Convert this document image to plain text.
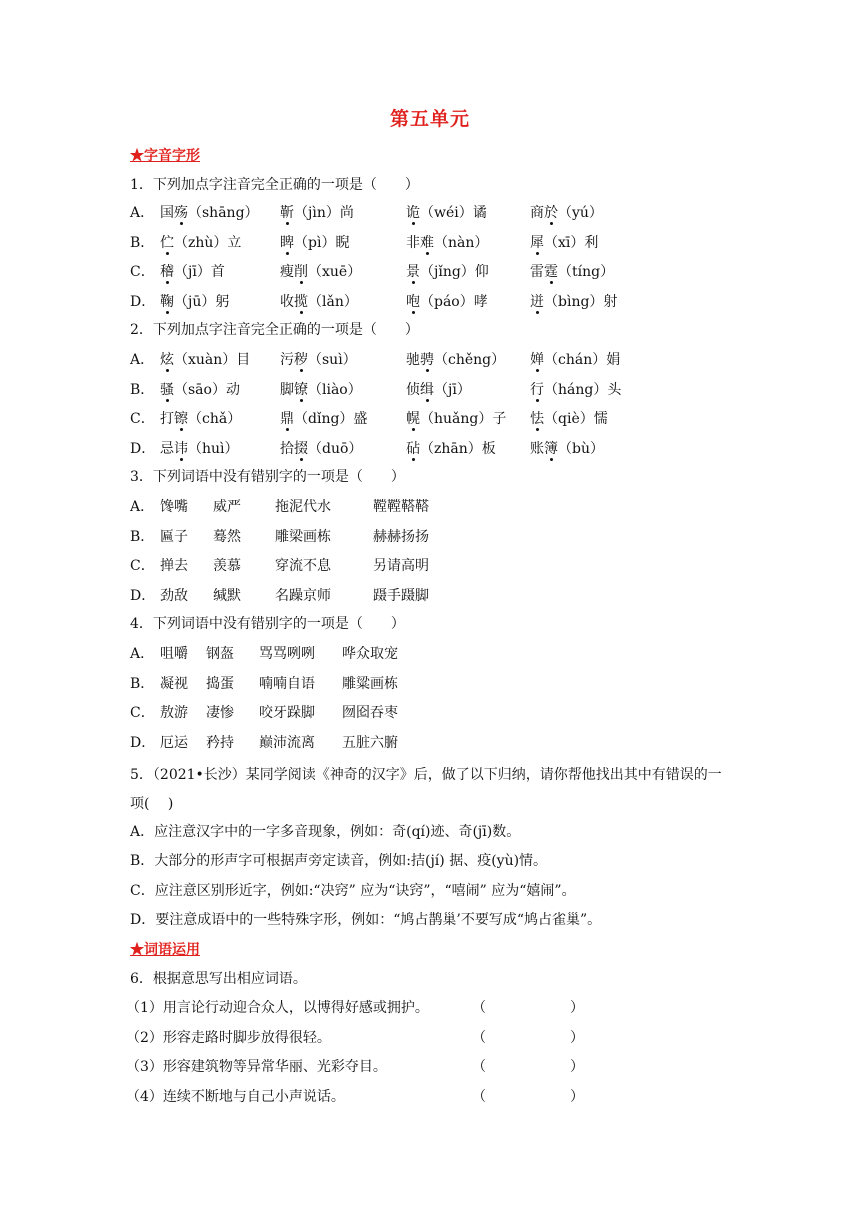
第五单元
★字音字形
1．下列加点字注音完全正确的一项是（　　）
A． 国殇（shāng） 靳（jìn）尚	诡（wéi）谲	商於（yú）
B． 伫（zhù）立	睥（pì）睨	非难（nàn）	犀（xī）利
C． 稽（jī）首	瘦削（xuē）	景（jǐng）仰	雷霆（tíng）
D． 鞠（jū）躬	收揽（lǎn）	咆（páo）哮	迸（bìng）射
2．下列加点字注音完全正确的一项是（　　）
A． 炫（xuàn）目 污秽（suì）	驰骋（chěng） 婵（chán）娟
B． 骚（sāo）动	脚镣（liào）	侦缉（jī）	行（háng）头
C． 打镲（chǎ）	鼎（dǐng）盛	幌（huǎng）子 怯（qiè）懦
D． 忌讳（huì）	拾掇（duō）	砧（zhān）板 账簿（bù）
3．下列词语中没有错别字的一项是（　　）
A． 馋嘴 威严 拖泥代水	鞺鞺鞳鞳
B． 匾子 蓦然 雕梁画栋	赫赫扬扬
C． 掸去 羡慕 穿流不息	另请高明
D． 劲敌 缄默 名躁京师	蹑手蹑脚
4．下列词语中没有错别字的一项是（　　）
A． 咀嚼 钢盔 骂骂咧咧 哗众取宠
B． 凝视 捣蛋 喃喃自语 雕粱画栋
C． 敖游 凄惨 咬牙跺脚 囫囵吞枣
D． 厄运 矜持 巅沛流离 五脏六腑
5．（2021•长沙）某同学阅读《神奇的汉字》后，做了以下归纳，请你帮他找出其中有错误的一项(　 )
A．应注意汉字中的一字多音现象，例如：奇(qí)迹、奇(jī)数。
B．大部分的形声字可根据声旁定读音，例如:拮(jí) 据、疫(yù)情。
C．应注意区别形近字，例如:“决窍” 应为“诀窍”，“嘻闹” 应为“嬉闹”。
D．要注意成语中的一些特殊字形，例如：“鸠占鹊巢’不要写成“鸠占雀巢”。
★词语运用
6．根据意思写出相应词语。
（1）用言论行动迎合众人，以博得好感或拥护。	（	）
（2）形容走路时脚步放得很轻。	（	）
（3）形容建筑物等异常华丽、光彩夺目。	（	）
（4）连续不断地与自己小声说话。	（	）
